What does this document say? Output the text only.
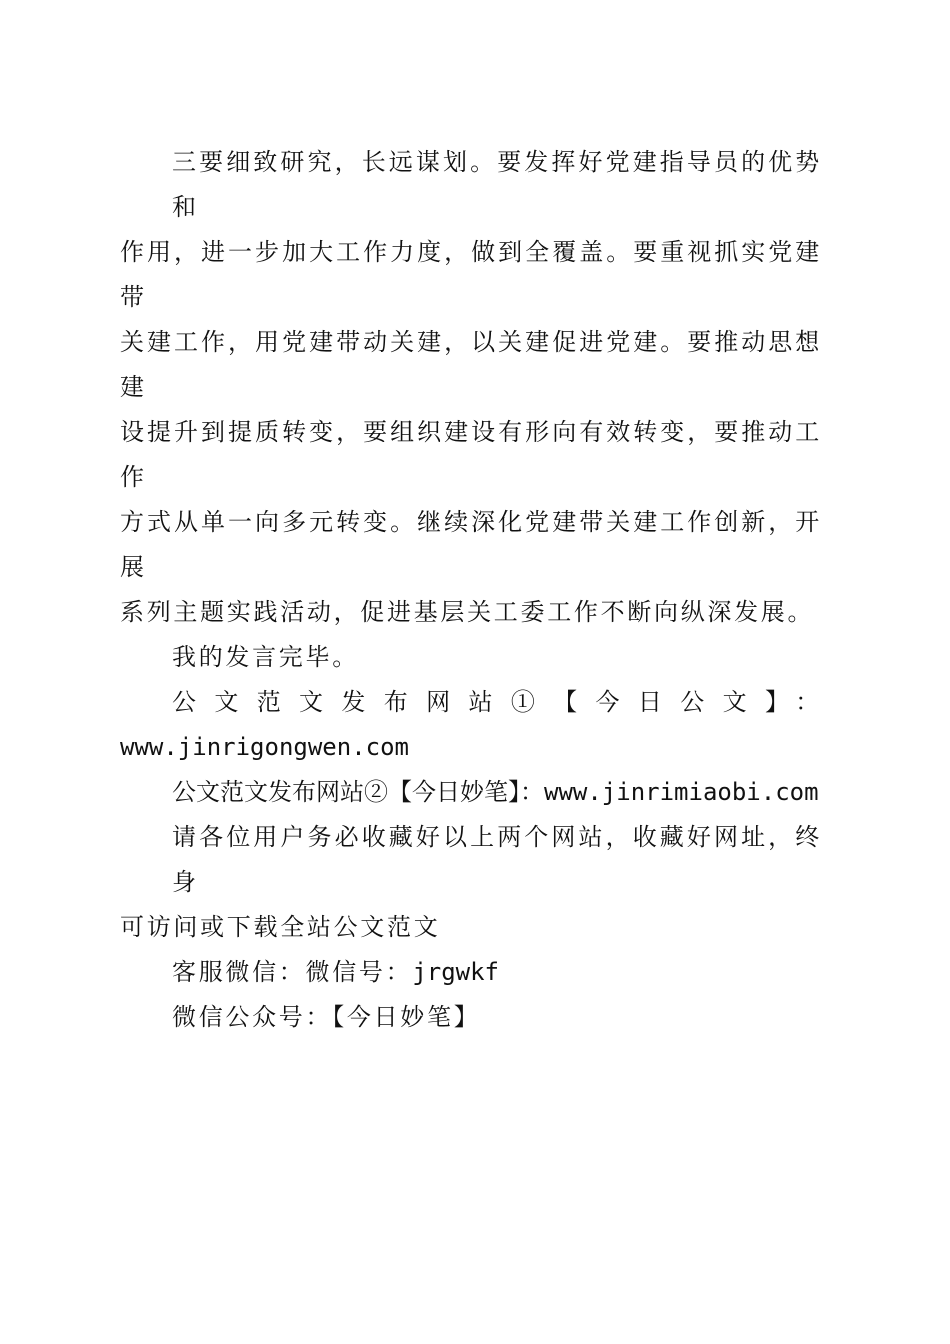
三要细致研究，长远谋划。要发挥好党建指导员的优势和
作用，进一步加大工作力度，做到全覆盖。要重视抓实党建带
关建工作，用党建带动关建，以关建促进党建。要推动思想建
设提升到提质转变，要组织建设有形向有效转变，要推动工作
方式从单一向多元转变。继续深化党建带关建工作创新，开展
系列主题实践活动，促进基层关工委工作不断向纵深发展。
我的发言完毕。
公文范文发布网站①【今日公文】：
www.jinrigongwen.com
公文范文发布网站②【今日妙笔】：www.jinrimiaobi.com
请各位用户务必收藏好以上两个网站，收藏好网址，终身
可访问或下载全站公文范文
客服微信：微信号：jrgwkf
微信公众号：【今日妙笔】
